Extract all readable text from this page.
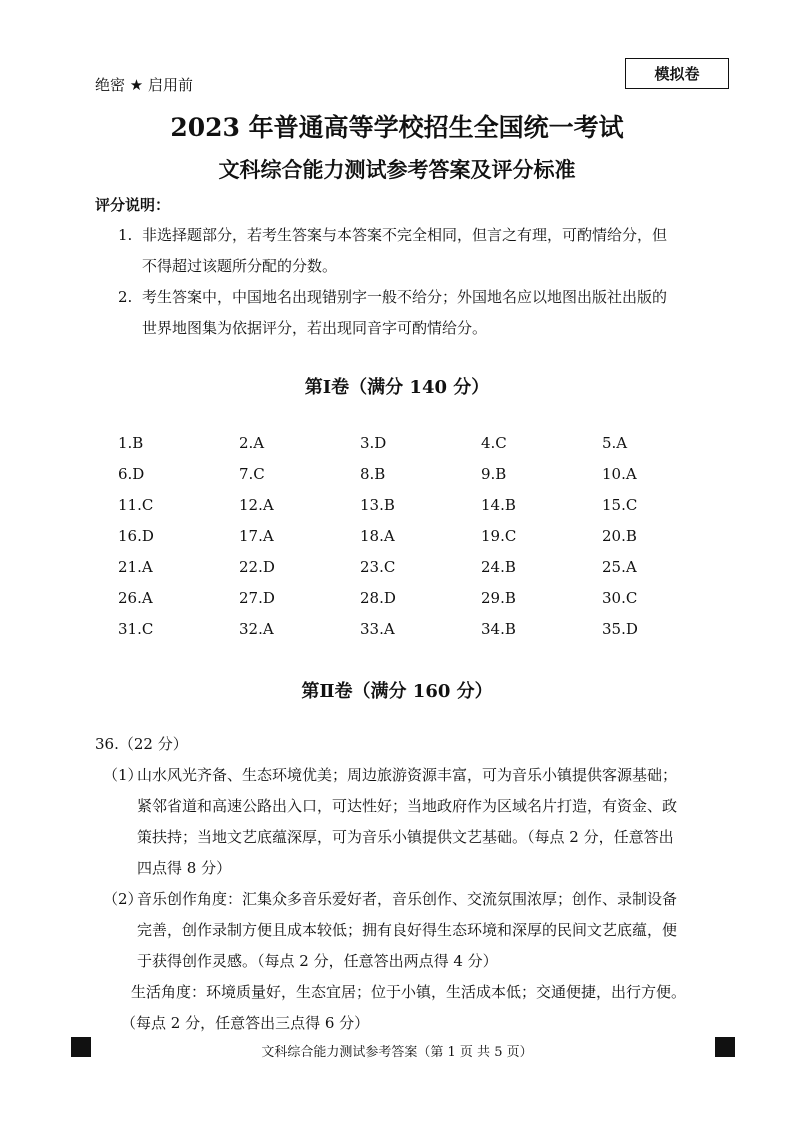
绝密 ★ 启用前
模拟卷
2023 年普通高等学校招生全国统一考试
文科综合能力测试参考答案及评分标准
评分说明：
1. 非选择题部分，若考生答案与本答案不完全相同，但言之有理，可酌情给分，但
不得超过该题所分配的分数。
2. 考生答案中，中国地名出现错别字一般不给分；外国地名应以地图出版社出版的
世界地图集为依据评分，若出现同音字可酌情给分。
第Ⅰ卷（满分 140 分）
1.B	2.A	3.D	4.C	5.A
6.D	7.C	8.B	9.B	10.A
11.C	12.A	13.B	14.B	15.C
16.D	17.A	18.A	19.C	20.B
21.A	22.D	23.C	24.B	25.A
26.A	27.D	28.D	29.B	30.C
31.C	32.A	33.A	34.B	35.D
第Ⅱ卷（满分 160 分）
36.（22 分）
（1）
山水风光齐备、生态环境优美；周边旅游资源丰富，可为音乐小镇提供客源基础；
紧邻省道和高速公路出入口，可达性好；当地政府作为区域名片打造，有资金、政
策扶持；当地文艺底蕴深厚，可为音乐小镇提供文艺基础。（每点 2 分，任意答出
四点得 8 分）
（2）
音乐创作角度：汇集众多音乐爱好者，音乐创作、交流氛围浓厚；创作、录制设备
完善，创作录制方便且成本较低；拥有良好得生态环境和深厚的民间文艺底蕴，便
于获得创作灵感。（每点 2 分，任意答出两点得 4 分）
生活角度：环境质量好，生态宜居；位于小镇，生活成本低；交通便捷，出行方便。
（每点 2 分，任意答出三点得 6 分）
文科综合能力测试参考答案（第 1 页 共 5 页）
